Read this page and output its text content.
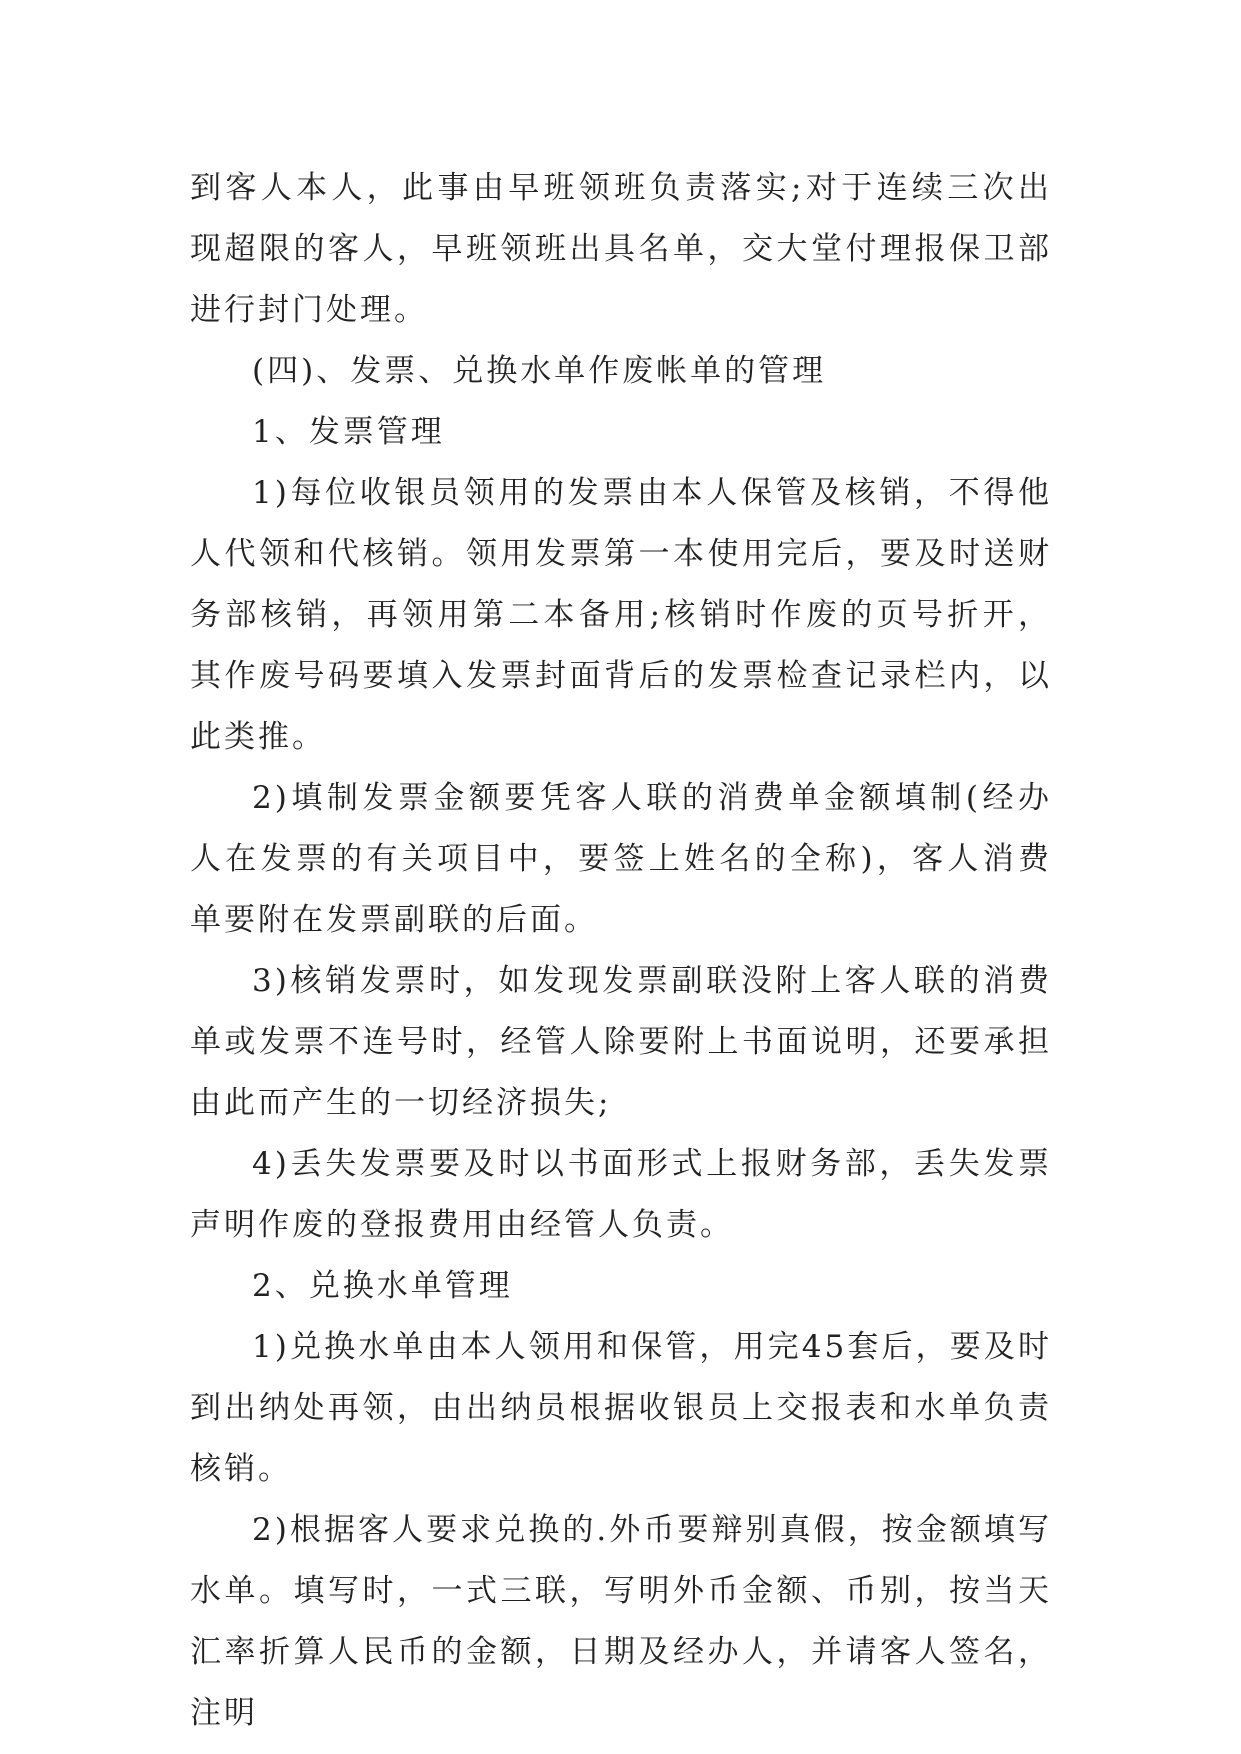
到客人本人，此事由早班领班负责落实;对于连续三次出现超限的客人，早班领班出具名单，交大堂付理报保卫部进行封门处理。

(四)、发票、兑换水单作废帐单的管理

1、发票管理

1)每位收银员领用的发票由本人保管及核销，不得他人代领和代核销。领用发票第一本使用完后，要及时送财务部核销，再领用第二本备用;核销时作废的页号折开，其作废号码要填入发票封面背后的发票检查记录栏内，以此类推。

2)填制发票金额要凭客人联的消费单金额填制(经办人在发票的有关项目中，要签上姓名的全称)，客人消费单要附在发票副联的后面。

3)核销发票时，如发现发票副联没附上客人联的消费单或发票不连号时，经管人除要附上书面说明，还要承担由此而产生的一切经济损失;

4)丢失发票要及时以书面形式上报财务部，丢失发票声明作废的登报费用由经管人负责。

2、兑换水单管理

1)兑换水单由本人领用和保管，用完45套后，要及时到出纳处再领，由出纳员根据收银员上交报表和水单负责核销。

2)根据客人要求兑换的.外币要辩别真假，按金额填写水单。填写时，一式三联，写明外币金额、币别，按当天汇率折算人民币的金额，日期及经办人，并请客人签名，注明
